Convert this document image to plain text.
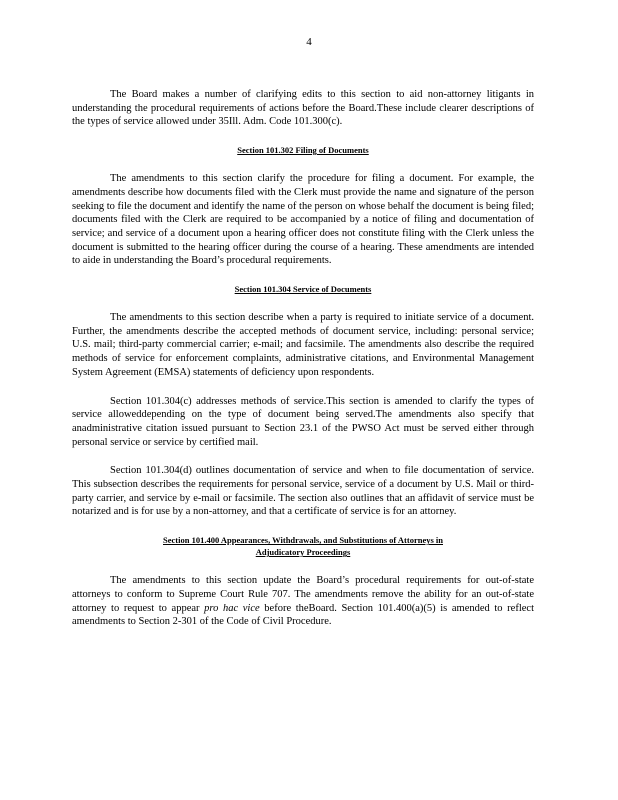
4

The Board makes a number of clarifying edits to this section to aid non-attorney litigants in understanding the procedural requirements of actions before the Board.These include clearer descriptions of the types of service allowed under 35Ill. Adm. Code 101.300(c).

Section 101.302 Filing of Documents

The amendments to this section clarify the procedure for filing a document. For example, the amendments describe how documents filed with the Clerk must provide the name and signature of the person seeking to file the document and identify the name of the person on whose behalf the document is being filed; documents filed with the Clerk are required to be accompanied by a notice of filing and documentation of service; and service of a document upon a hearing officer does not constitute filing with the Clerk unless the document is submitted to the hearing officer during the course of a hearing. These amendments are intended to aide in understanding the Board’s procedural requirements.

Section 101.304 Service of Documents

The amendments to this section describe when a party is required to initiate service of a document. Further, the amendments describe the accepted methods of document service, including: personal service; U.S. mail; third-party commercial carrier; e-mail; and facsimile. The amendments also describe the required methods of service for enforcement complaints, administrative citations, and Environmental Management System Agreement (EMSA) statements of deficiency upon respondents.

Section 101.304(c) addresses methods of service.This section is amended to clarify the types of service alloweddepending on the type of document being served.The amendments also specify that anadministrative citation issued pursuant to Section 23.1 of the PWSO Act must be served either through personal service or service by certified mail.

Section 101.304(d) outlines documentation of service and when to file documentation of service. This subsection describes the requirements for personal service, service of a document by U.S. Mail or third-party carrier, and service by e-mail or facsimile. The section also outlines that an affidavit of service must be notarized and is for use by a non-attorney, and that a certificate of service is for an attorney.

Section 101.400 Appearances, Withdrawals, and Substitutions of Attorneys in
Adjudicatory Proceedings

The amendments to this section update the Board’s procedural requirements for out-of-state attorneys to conform to Supreme Court Rule 707. The amendments remove the ability for an out-of-state attorney to request to appear pro hac vice before theBoard. Section 101.400(a)(5) is amended to reflect amendments to Section 2-301 of the Code of Civil Procedure.
